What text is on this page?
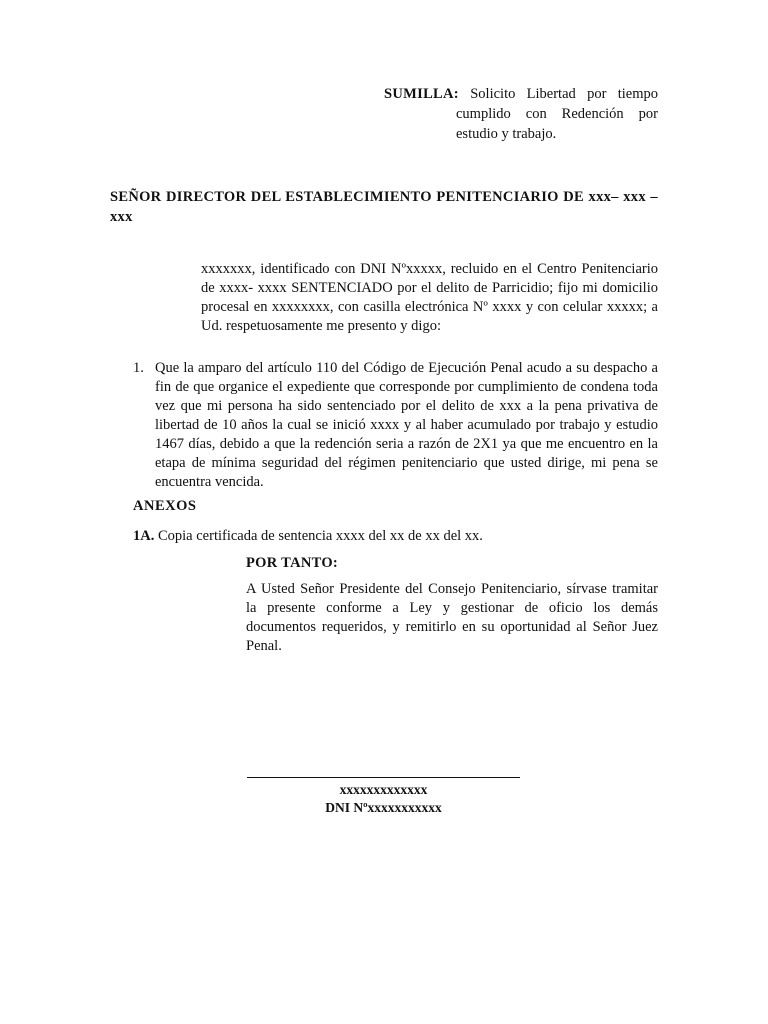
SUMILLA: Solicito Libertad por tiempo
cumplido con Redención por estudio y trabajo.
SEÑOR DIRECTOR DEL ESTABLECIMIENTO PENITENCIARIO DE xxx– xxx – xxx
xxxxxxx, identificado con DNI Nºxxxxx, recluido en el Centro Penitenciario de xxxx- xxxx SENTENCIADO por el delito de Parricidio; fijo mi domicilio procesal en xxxxxxxx, con casilla electrónica Nº xxxx y con celular xxxxx; a Ud. respetuosamente me presento y digo:
1. Que la amparo del artículo 110 del Código de Ejecución Penal acudo a su despacho a fin de que organice el expediente que corresponde por cumplimiento de condena toda vez que mi persona ha sido sentenciado por el delito de xxx a la pena privativa de libertad de 10 años la cual se inició xxxx y al haber acumulado por trabajo y estudio 1467 días, debido a que la redención seria a razón de 2X1 ya que me encuentro en la etapa de mínima seguridad del régimen penitenciario que usted dirige, mi pena se encuentra vencida.
ANEXOS
1A. Copia certificada de sentencia xxxx del xx de xx del xx.
POR TANTO:
A Usted Señor Presidente del Consejo Penitenciario, sírvase tramitar la presente conforme a Ley y gestionar de oficio los demás documentos requeridos, y remitirlo en su oportunidad al Señor Juez Penal.
xxxxxxxxxxxxx
DNI Nºxxxxxxxxxxx
